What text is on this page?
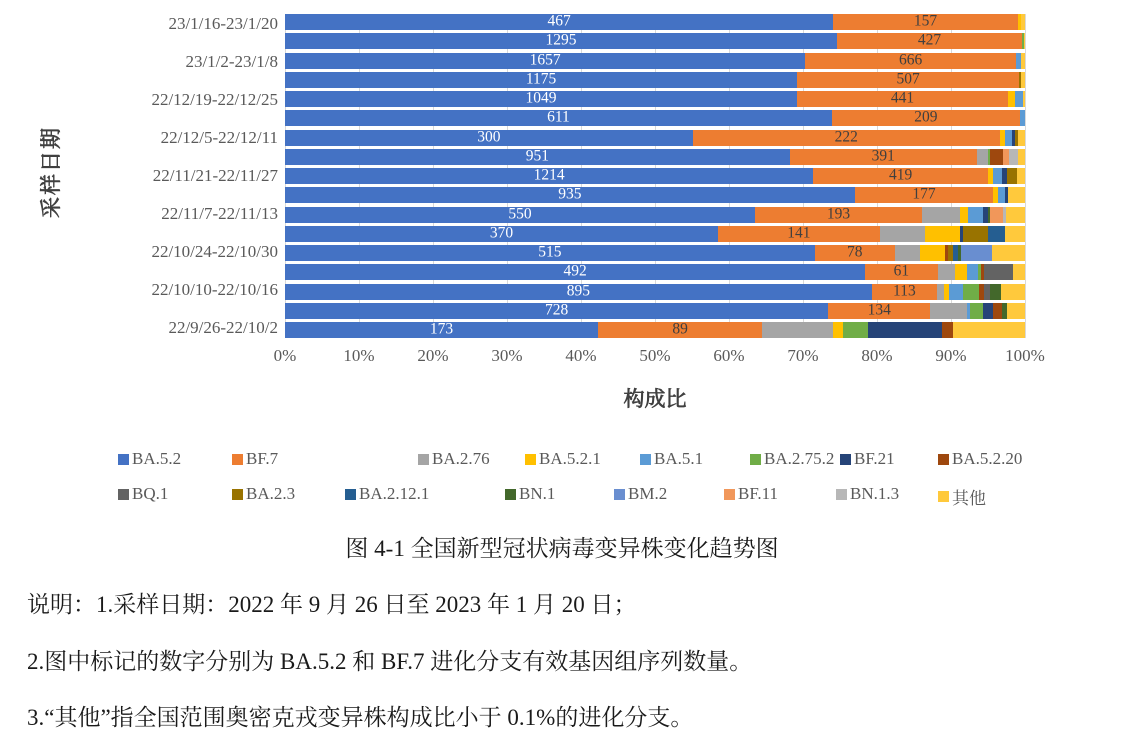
采样日期
467	157
1295	427
1657	666
1175	507
1049	441
611	209
300	222
951	391
1214	419
935	177
550	193
370	141
515	78
492	61
895	113
728	134
173	89
23/1/16-23/1/20
23/1/2-23/1/8
22/12/19-22/12/25
22/12/5-22/12/11
22/11/21-22/11/27
22/11/7-22/11/13
22/10/24-22/10/30
22/10/10-22/10/16
22/9/26-22/10/2
0%	10%	20%	30%	40%	50%	60%	70%	80%	90% 100%
构成比
BA.5.2	BF.7	BA.2.76	BA.5.2.1	BA.5.1	BA.2.75.2 BF.21	BA.5.2.20
BQ.1	BA.2.3	BA.2.12.1	BN.1	BM.2	BF.11	BN.1.3	其他
图 4-1 全国新型冠状病毒变异株变化趋势图
说明：1.采样日期：2022 年 9 月 26 日至 2023 年 1 月 20 日；
2.图中标记的数字分别为 BA.5.2 和 BF.7 进化分支有效基因组序列数量。
3.“其他”指全国范围奥密克戎变异株构成比小于 0.1%的进化分支。
